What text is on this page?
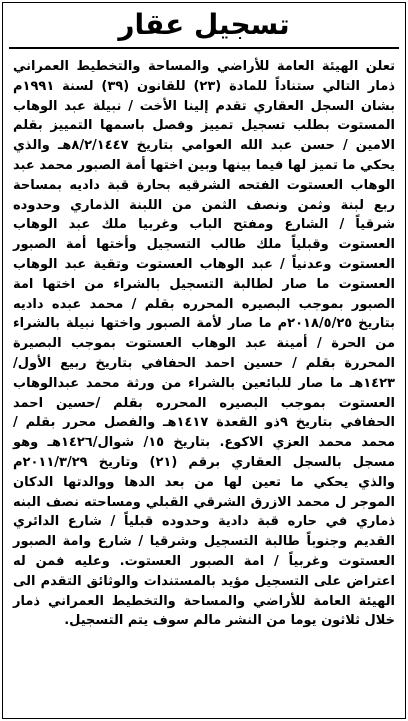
تسجيل عقار
تعلن الهيئة العامة للأراضي والمساحة والتخطيط العمراني ذمار التالي ستناداً للمادة (٢٣) للقانون (٣٩) لسنة ١٩٩١م بشان السجل العقاري تقدم إلينا الأخت / نبيلة عبد الوهاب المستوت بطلب تسجيل تمييز وفصل باسمها التمييز بقلم الامين / حسن عبد الله العوامي بتاريخ ٨/٢/١٤٤٧هـ والذي يحكي ما تميز لها فيما بينها وبين اختها أمة الصبور محمد عبد الوهاب العستوت الفتحه الشرقيه بحارة قبة داديه بمساحة ربع لبنة وثمن ونصف الثمن من اللبنة الذماري وحدوده شرقياً / الشارع ومفتح الباب وغربيا ملك عبد الوهاب العستوت وقبلياً ملك طالب التسجيل وأختها أمة الصبور العستوت وعدنياً / عبد الوهاب العستوت وتقية عبد الوهاب العستوت ما صار لطالبة التسجيل بالشراء من اختها امة الصبور بموجب البصيره المحرره بقلم / محمد عبده داديه بتاريخ ٢٠١٨/٥/٢٥م ما صار لأمة الصبور واختها نبيلة بالشراء من الحرة / أمينة عبد الوهاب العستوت بموجب البصيرة المحررة بقلم / حسين احمد الحفافي بتاريخ ربيع الأول/ ١٤٢٣هـ ما صار للبائعين بالشراء من ورثة محمد عبدالوهاب العستوت بموجب البصيره المحرره بقلم /حسين احمد الحفافي بتاريخ ٩ذو القعدة ١٤١٧هـ والفصل محرر بقلم / محمد محمد العزي الاكوع. بتاريخ ١٥/ شوال/١٤٢٦هـ وهو مسجل بالسجل العقاري برقم (٢١) وتاريخ ٢٠١١/٣/٢٩م والذي يحكي ما تعين لها من بعد الدها ووالدتها الدكان الموجر ل محمد الازرق الشرقي القبلي ومساحته نصف البنه ذماري في حاره قبة دادية وحدوده قبلياً / شارع الدائري القديم وجنوباً طالبة التسجيل وشرقيا / شارع وامة الصبور العستوت وغربياً / امة الصبور العستوت. وعليه فمن له اعتراض على التسجيل مؤيد بالمستندات والوثائق التقدم الى الهيئة العامة للأراضي والمساحة والتخطيط العمراني ذمار خلال ثلاثون يوما من النشر مالم سوف يتم التسجيل.
